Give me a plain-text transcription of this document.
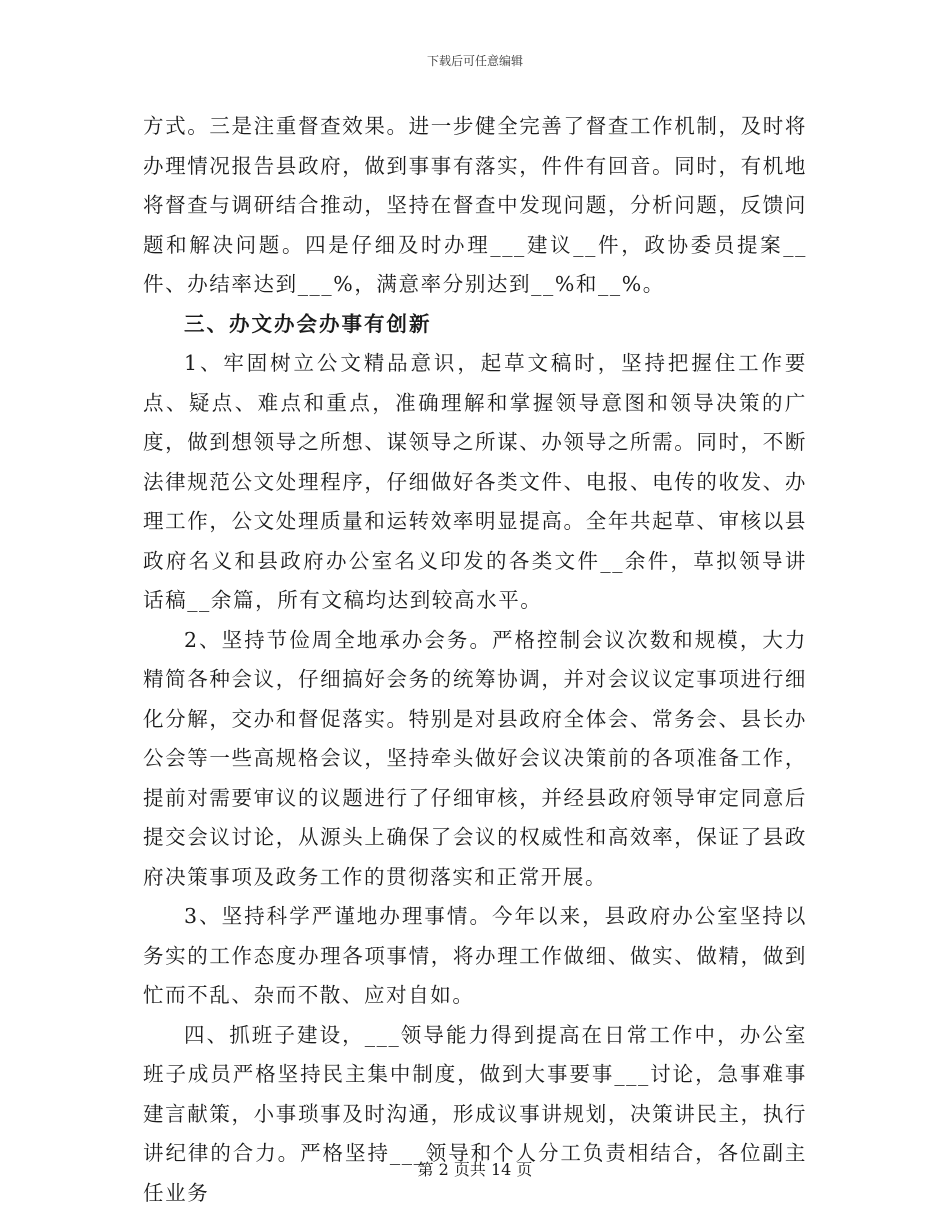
下载后可任意编辑

方式。三是注重督查效果。进一步健全完善了督查工作机制，及时将办理情况报告县政府，做到事事有落实，件件有回音。同时，有机地将督查与调研结合推动，坚持在督查中发现问题，分析问题，反馈问题和解决问题。四是仔细及时办理___建议__件，政协委员提案__件、办结率达到___%，满意率分别达到__%和__%。

三、办文办会办事有创新

1、牢固树立公文精品意识，起草文稿时，坚持把握住工作要点、疑点、难点和重点，准确理解和掌握领导意图和领导决策的广度，做到想领导之所想、谋领导之所谋、办领导之所需。同时，不断法律规范公文处理程序，仔细做好各类文件、电报、电传的收发、办理工作，公文处理质量和运转效率明显提高。全年共起草、审核以县政府名义和县政府办公室名义印发的各类文件__余件，草拟领导讲话稿__余篇，所有文稿均达到较高水平。

2、坚持节俭周全地承办会务。严格控制会议次数和规模，大力精简各种会议，仔细搞好会务的统筹协调，并对会议议定事项进行细化分解，交办和督促落实。特别是对县政府全体会、常务会、县长办公会等一些高规格会议，坚持牵头做好会议决策前的各项准备工作，提前对需要审议的议题进行了仔细审核，并经县政府领导审定同意后提交会议讨论，从源头上确保了会议的权威性和高效率，保证了县政府决策事项及政务工作的贯彻落实和正常开展。

3、坚持科学严谨地办理事情。今年以来，县政府办公室坚持以务实的工作态度办理各项事情，将办理工作做细、做实、做精，做到忙而不乱、杂而不散、应对自如。

四、抓班子建设，___领导能力得到提高在日常工作中，办公室班子成员严格坚持民主集中制度，做到大事要事___讨论，急事难事建言献策，小事琐事及时沟通，形成议事讲规划，决策讲民主，执行讲纪律的合力。严格坚持___领导和个人分工负责相结合，各位副主任业务

第 2 页共 14 页
